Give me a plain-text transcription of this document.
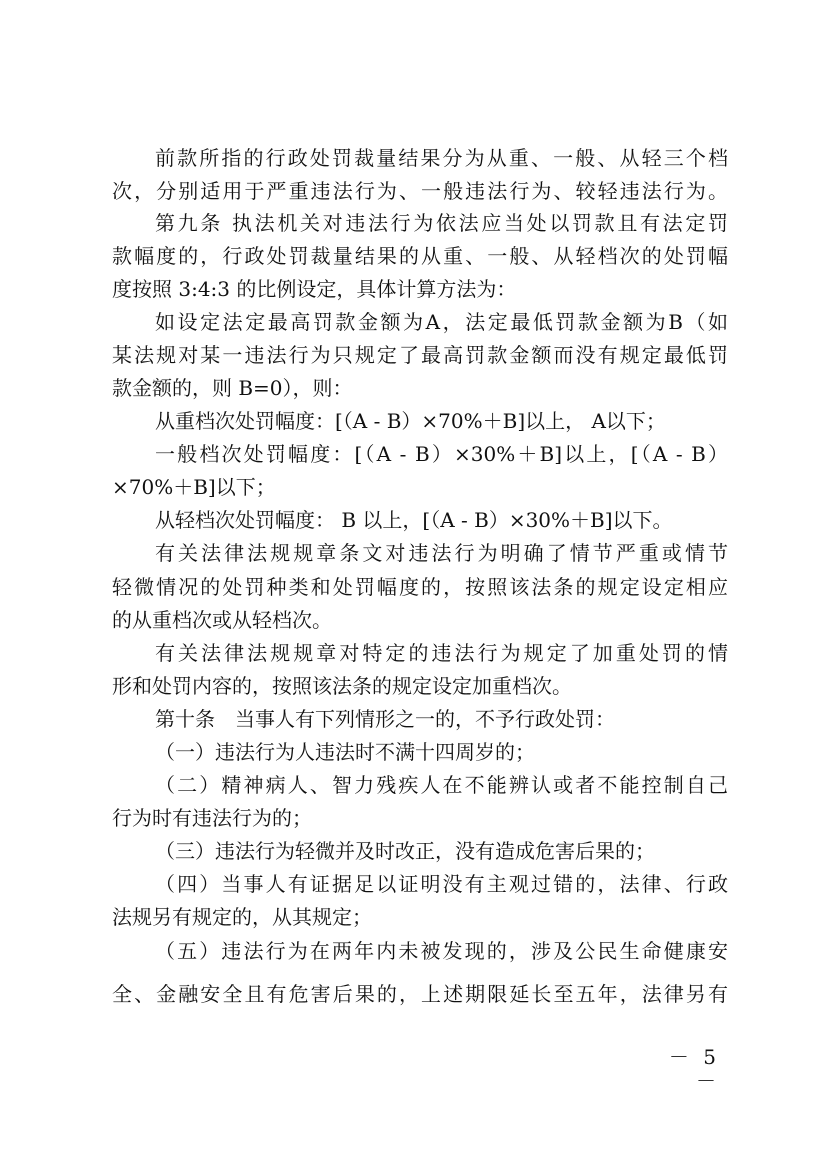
前款所指的行政处罚裁量结果分为从重、一般、从轻三个档
次，分别适用于严重违法行为、一般违法行为、较轻违法行为。
第九条 执法机关对违法行为依法应当处以罚款且有法定罚
款幅度的，行政处罚裁量结果的从重、一般、从轻档次的处罚幅
度按照 3:4:3 的比例设定，具体计算方法为：
如设定法定最高罚款金额为A，法定最低罚款金额为B（如
某法规对某一违法行为只规定了最高罚款金额而没有规定最低罚
款金额的，则 B=0），则：
从重档次处罚幅度：[（A - B）×70%＋B]以上， A以下；
一般档次处罚幅度：[（A - B）×30%＋B]以上，[（A - B）
×70%＋B]以下；
从轻档次处罚幅度： B 以上，[（A - B）×30%＋B]以下。
有关法律法规规章条文对违法行为明确了情节严重或情节
轻微情况的处罚种类和处罚幅度的，按照该法条的规定设定相应
的从重档次或从轻档次。
有关法律法规规章对特定的违法行为规定了加重处罚的情
形和处罚内容的，按照该法条的规定设定加重档次。
第十条　当事人有下列情形之一的，不予行政处罚：
（一）违法行为人违法时不满十四周岁的；
（二）精神病人、智力残疾人在不能辨认或者不能控制自己
行为时有违法行为的；
（三）违法行为轻微并及时改正，没有造成危害后果的；
（四）当事人有证据足以证明没有主观过错的，法律、行政
法规另有规定的，从其规定；
（五）违法行为在两年内未被发现的，涉及公民生命健康安
全、金融安全且有危害后果的，上述期限延长至五年，法律另有
－ 5 －
